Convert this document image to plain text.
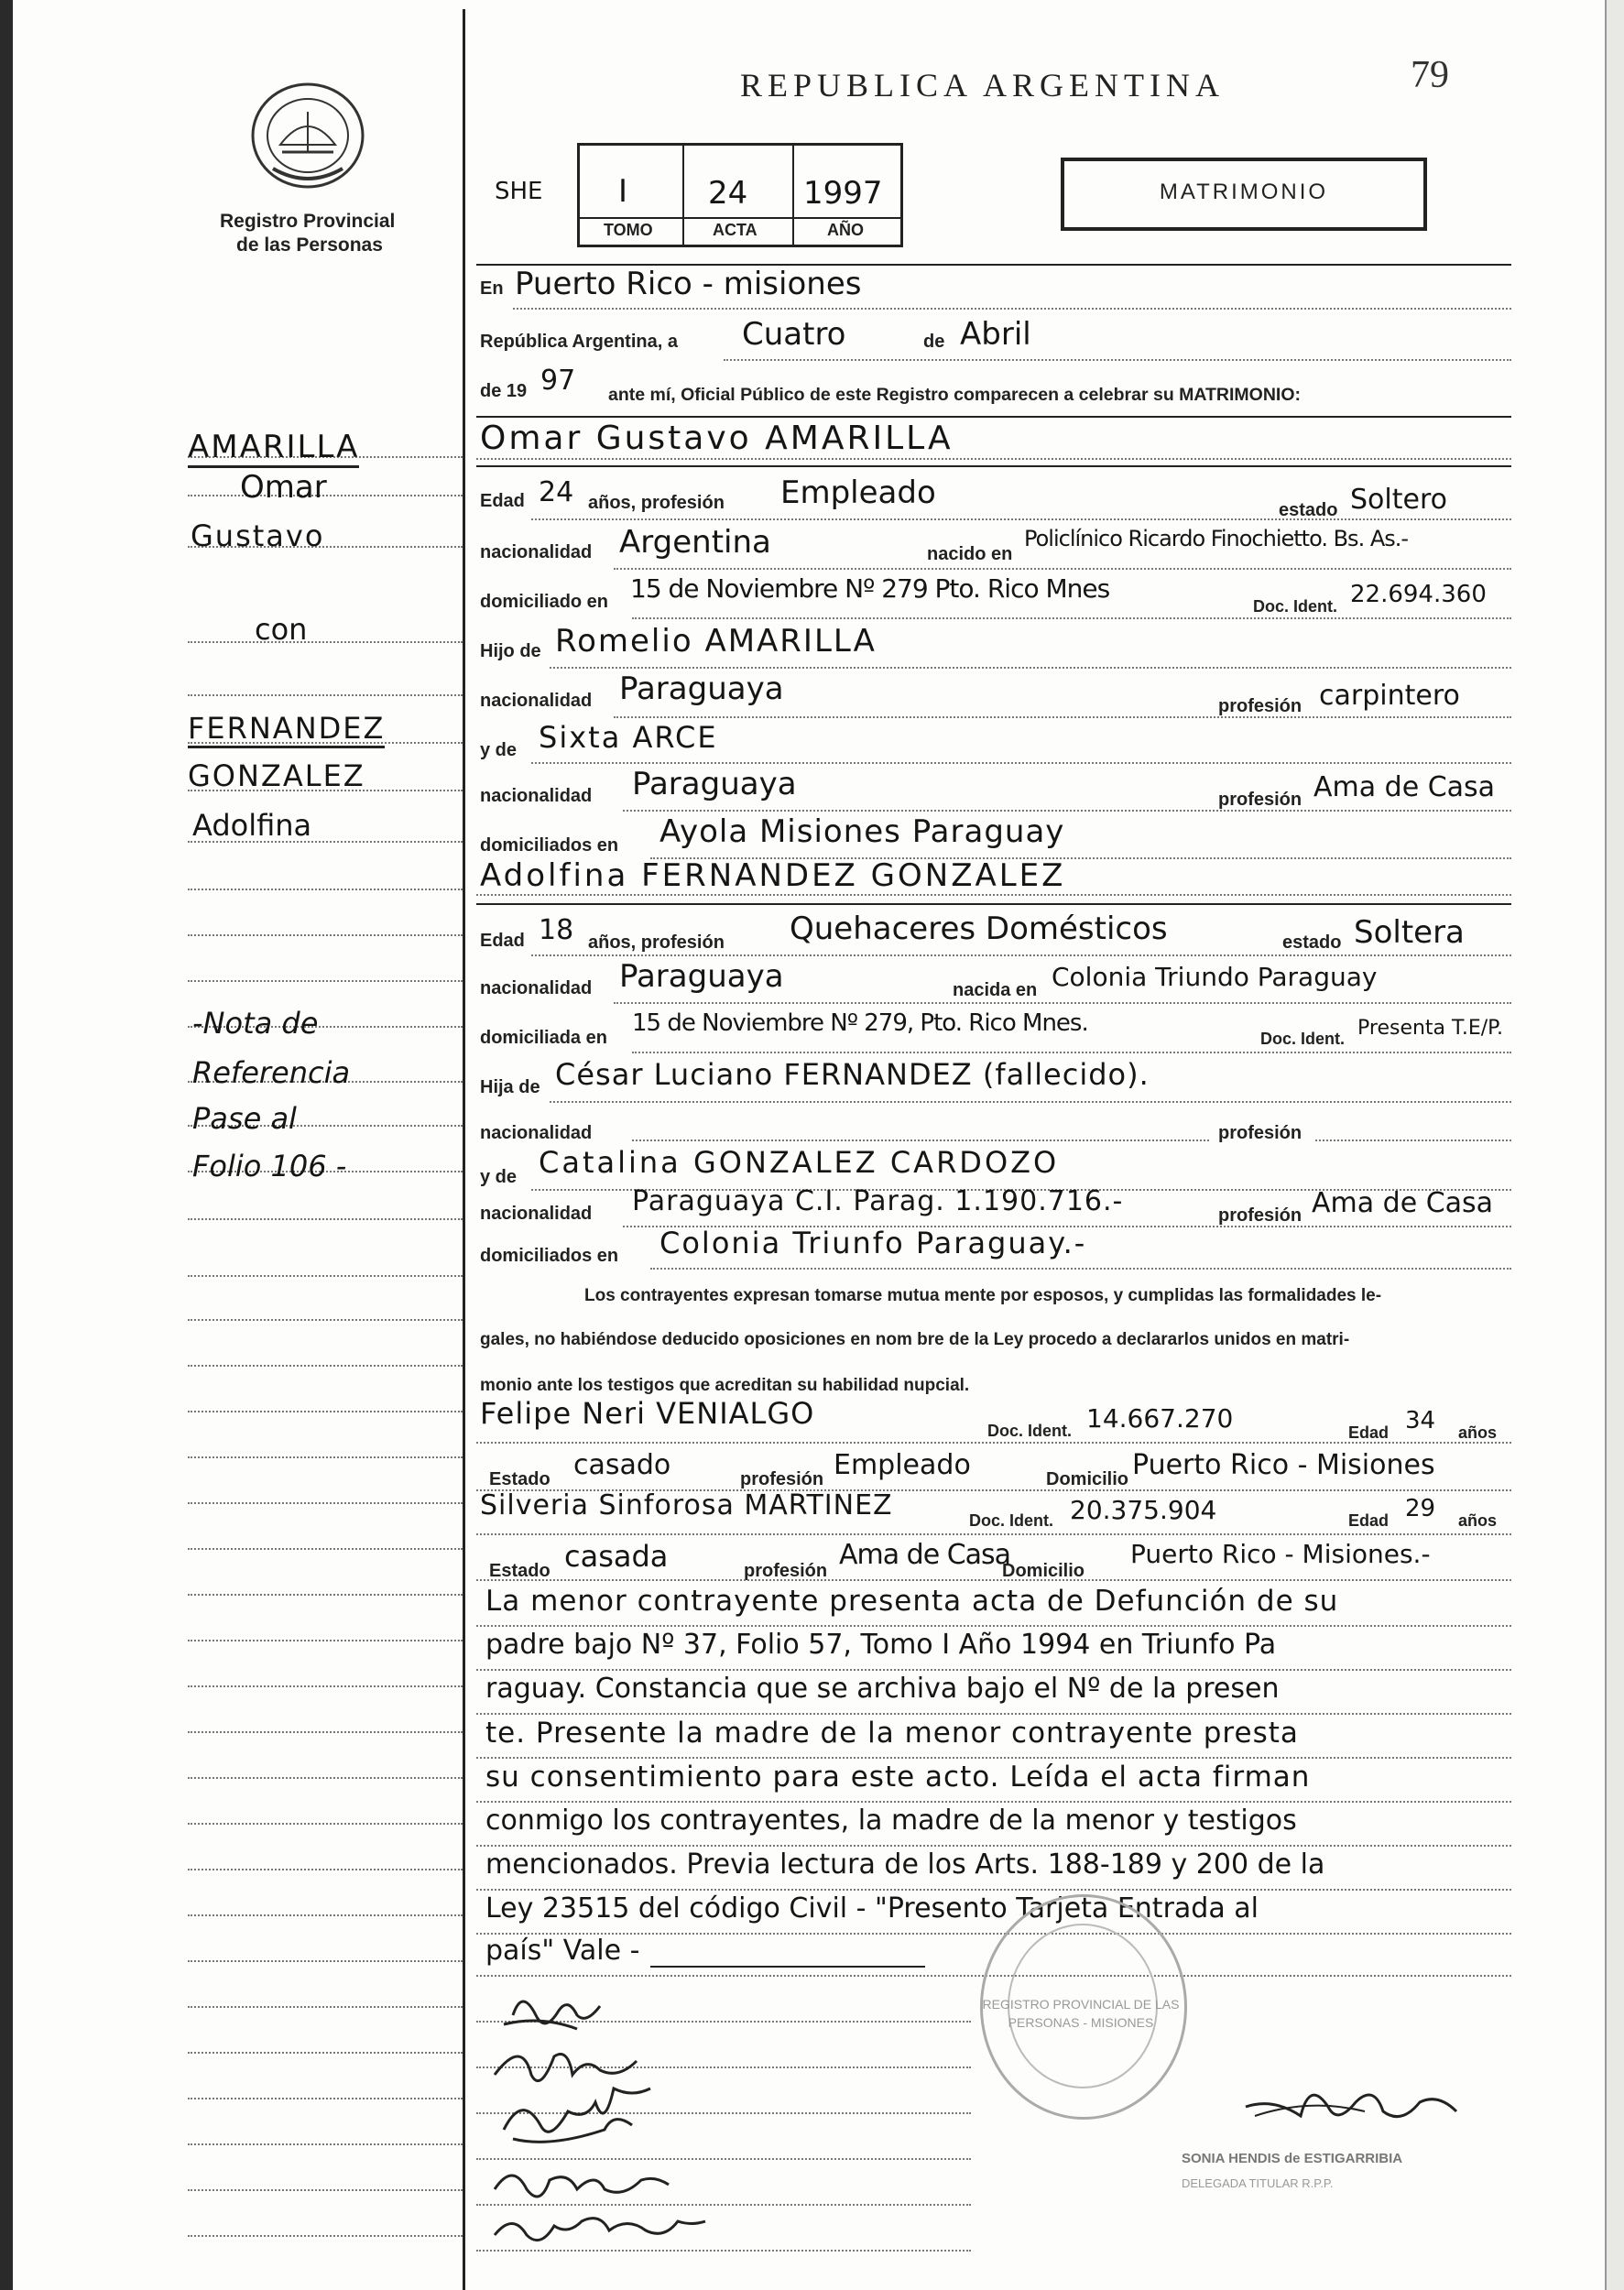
Registro Provincial
de las Personas
AMARILLA
Omar
Gustavo
con
FERNANDEZ
GONZALEZ
Adolfina
-Nota de
Referencia
Pase al
Folio 106 -
REPUBLICA ARGENTINA	79
SHE I	24 1997
TOMO	ACTA	AÑO
MATRIMONIO
En Puerto Rico - misiones
República Argentina, a Cuatro	de Abril
de 19 97 ante mí, Oficial Público de este Registro comparecen a celebrar su MATRIMONIO:
Omar Gustavo AMARILLA
Edad 24 años, profesión Empleado	estado Soltero
nacionalidad Argentina	nacido en
Policlínico Ricardo Finochietto. Bs. As.-
domiciliado en 15 de Noviembre Nº 279 Pto. Rico Mnes
Doc. Ident. 22.694.360
Hijo de Romelio AMARILLA
nacionalidad Paraguaya	profesión carpintero
y de Sixta ARCE
nacionalidad Paraguaya	profesión Ama de Casa
domiciliados en Ayola Misiones Paraguay
Adolfina FERNANDEZ GONZALEZ
Edad 18 años, profesión Quehaceres Domésticos	estado Soltera
nacionalidad Paraguaya	nacida en Colonia Triundo Paraguay
domiciliada en
15 de Noviembre Nº 279, Pto. Rico Mnes.
Doc. Ident. Presenta T.E/P.
Hija de César Luciano FERNANDEZ (fallecido).
nacionalidad	profesión
y de Catalina GONZALEZ CARDOZO
nacionalidad Paraguaya C.I. Parag. 1.190.716.-	profesión Ama de Casa
domiciliados en Colonia Triunfo Paraguay.-
Los contrayentes expresan tomarse mutua mente por esposos, y cumplidas las formalidades le-
gales, no habiéndose deducido oposiciones en nom bre de la Ley procedo a declararlos unidos en matri-
monio ante los testigos que acreditan su habilidad nupcial.
Felipe Neri VENIALGO	Doc. Ident. 14.667.270	Edad 34 años
Estado casado	profesión Empleado	Domicilio Puerto Rico - Misiones
Silveria Sinforosa MARTINEZ	Doc. Ident. 20.375.904	Edad 29 años
Estado casada	profesión Ama de Casa
Domicilio
Puerto Rico - Misiones.-
La menor contrayente presenta acta de Defunción de su
padre bajo Nº 37, Folio 57, Tomo I Año 1994 en Triunfo Pa
raguay. Constancia que se archiva bajo el Nº de la presen
te. Presente la madre de la menor contrayente presta
su consentimiento para este acto. Leída el acta firman
conmigo los contrayentes, la madre de la menor y testigos
mencionados. Previa lectura de los Arts. 188-189 y 200 de la
Ley 23515 del código Civil - "Presento Tarjeta Entrada al
país" Vale -
REGISTRO PROVINCIAL DE LAS PERSONAS - MISIONES
SONIA HENDIS de ESTIGARRIBIA
DELEGADA TITULAR R.P.P.
